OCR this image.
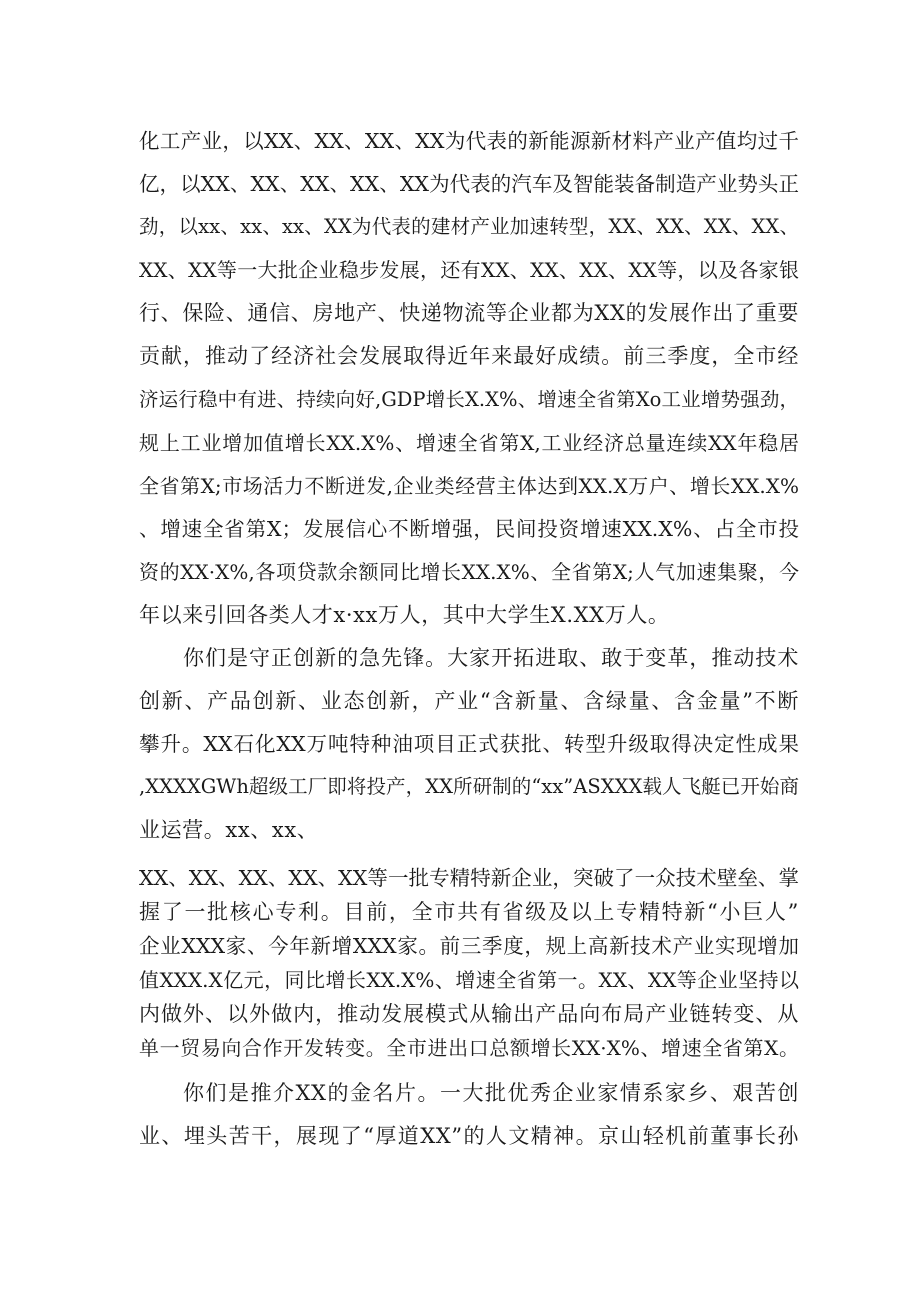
化工产业，以XX、XX、XX、XX为代表的新能源新材料产业产值均过千
亿，以XX、XX、XX、XX、XX为代表的汽车及智能装备制造产业势头正
劲，以xx、xx、xx、XX为代表的建材产业加速转型，XX、XX、XX、XX、
XX、XX等一大批企业稳步发展，还有XX、XX、XX、XX等，以及各家银
行、保险、通信、房地产、快递物流等企业都为XX的发展作出了重要
贡献，推动了经济社会发展取得近年来最好成绩。前三季度，全市经
济运行稳中有进、持续向好,GDP增长X.X%、增速全省第Xo工业增势强劲，
规上工业增加值增长XX.X%、增速全省第X,工业经济总量连续XX年稳居
全省第X;市场活力不断迸发,企业类经营主体达到XX.X万户、增长XX.X%
、增速全省第X；发展信心不断增强，民间投资增速XX.X%、占全市投
资的XX·X%,各项贷款余额同比增长XX.X%、全省第X;人气加速集聚，今
年以来引回各类人才x·xx万人，其中大学生X.XX万人。
你们是守正创新的急先锋。大家开拓进取、敢于变革，推动技术
创新、产品创新、业态创新，产业“含新量、含绿量、含金量”不断
攀升。XX石化XX万吨特种油项目正式获批、转型升级取得决定性成果
,XXXXGWh超级工厂即将投产，XX所研制的“xx”ASXXX载人飞艇已开始商
业运营。xx、xx、
XX、XX、XX、XX、XX等一批专精特新企业，突破了一众技术壁垒、掌
握了一批核心专利。目前，全市共有省级及以上专精特新“小巨人”
企业XXX家、今年新增XXX家。前三季度，规上高新技术产业实现增加
值XXX.X亿元，同比增长XX.X%、增速全省第一。XX、XX等企业坚持以
内做外、以外做内，推动发展模式从输出产品向布局产业链转变、从
单一贸易向合作开发转变。全市进出口总额增长XX·X%、增速全省第X。
你们是推介XX的金名片。一大批优秀企业家情系家乡、艰苦创
业、埋头苦干，展现了“厚道XX”的人文精神。京山轻机前董事长孙
